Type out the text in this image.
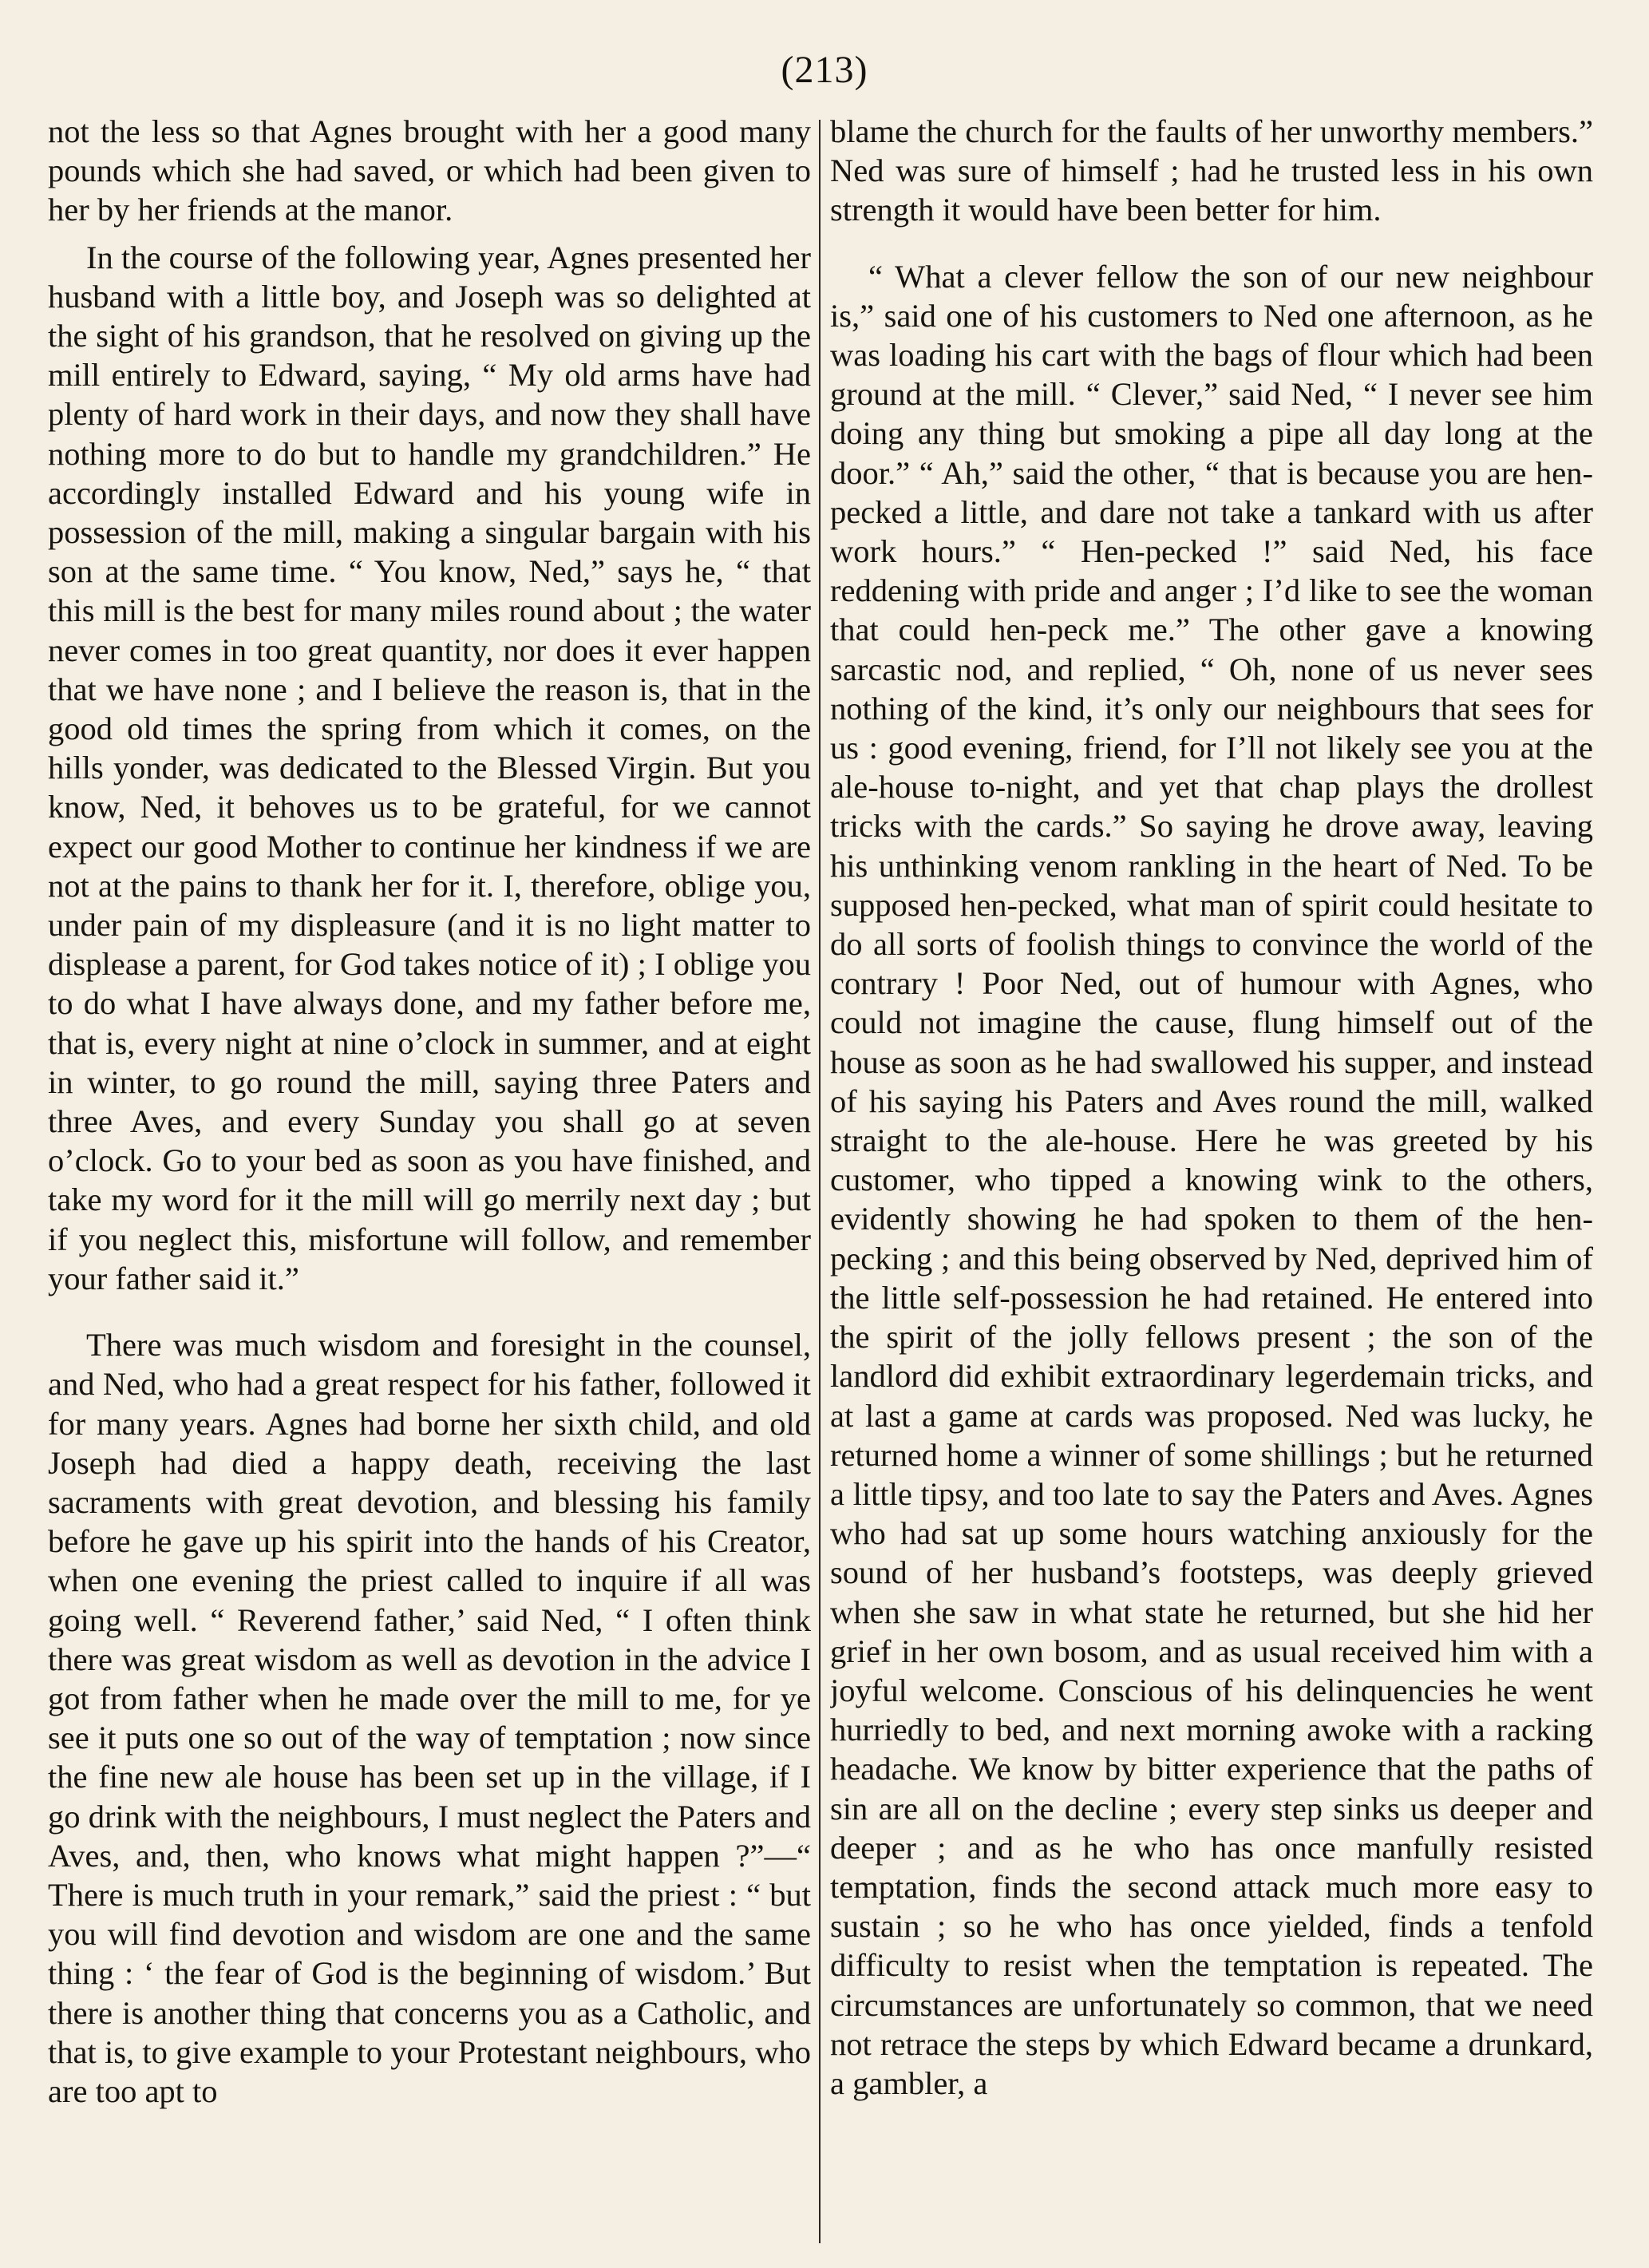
(213)

not the less so that Agnes brought with her a good many pounds which she had saved, or which had been given to her by her friends at the manor.

In the course of the following year, Agnes presented her husband with a little boy, and Joseph was so delighted at the sight of his grandson, that he resolved on giving up the mill entirely to Edward, saying, “ My old arms have had plenty of hard work in their days, and now they shall have nothing more to do but to handle my grandchildren.” He accordingly installed Edward and his young wife in possession of the mill, making a singular bargain with his son at the same time. “ You know, Ned,” says he, “ that this mill is the best for many miles round about ; the water never comes in too great quantity, nor does it ever happen that we have none ; and I believe the reason is, that in the good old times the spring from which it comes, on the hills yonder, was dedicated to the Blessed Virgin. But you know, Ned, it behoves us to be grateful, for we cannot expect our good Mother to continue her kindness if we are not at the pains to thank her for it. I, therefore, oblige you, under pain of my displeasure (and it is no light matter to displease a parent, for God takes notice of it) ; I oblige you to do what I have always done, and my father before me, that is, every night at nine o’clock in summer, and at eight in winter, to go round the mill, saying three Paters and three Aves, and every Sunday you shall go at seven o’clock. Go to your bed as soon as you have finished, and take my word for it the mill will go merrily next day ; but if you neglect this, misfortune will follow, and remember your father said it.”

There was much wisdom and foresight in the counsel, and Ned, who had a great respect for his father, followed it for many years. Agnes had borne her sixth child, and old Joseph had died a happy death, receiving the last sacraments with great devotion, and blessing his family before he gave up his spirit into the hands of his Creator, when one evening the priest called to inquire if all was going well. “ Reverend father,’ said Ned, “ I often think there was great wisdom as well as devotion in the advice I got from father when he made over the mill to me, for ye see it puts one so out of the way of temptation ; now since the fine new ale house has been set up in the village, if I go drink with the neighbours, I must neglect the Paters and Aves, and, then, who knows what might happen ?”—“ There is much truth in your remark,” said the priest : “ but you will find devotion and wisdom are one and the same thing : ‘ the fear of God is the beginning of wisdom.’ But there is another thing that concerns you as a Catholic, and that is, to give example to your Protestant neighbours, who are too apt to

blame the church for the faults of her unworthy members.” Ned was sure of himself ; had he trusted less in his own strength it would have been better for him.

“ What a clever fellow the son of our new neighbour is,” said one of his customers to Ned one afternoon, as he was loading his cart with the bags of flour which had been ground at the mill. “ Clever,” said Ned, “ I never see him doing any thing but smoking a pipe all day long at the door.” “ Ah,” said the other, “ that is because you are hen-pecked a little, and dare not take a tankard with us after work hours.” “ Hen-pecked !” said Ned, his face reddening with pride and anger ; I’d like to see the woman that could hen-peck me.” The other gave a knowing sarcastic nod, and replied, “ Oh, none of us never sees nothing of the kind, it’s only our neighbours that sees for us : good evening, friend, for I’ll not likely see you at the ale-house to-night, and yet that chap plays the drollest tricks with the cards.” So saying he drove away, leaving his unthinking venom rankling in the heart of Ned. To be supposed hen-pecked, what man of spirit could hesitate to do all sorts of foolish things to convince the world of the contrary ! Poor Ned, out of humour with Agnes, who could not imagine the cause, flung himself out of the house as soon as he had swallowed his supper, and instead of his saying his Paters and Aves round the mill, walked straight to the ale-house. Here he was greeted by his customer, who tipped a knowing wink to the others, evidently showing he had spoken to them of the hen-pecking ; and this being observed by Ned, deprived him of the little self-possession he had retained. He entered into the spirit of the jolly fellows present ; the son of the landlord did exhibit extraordinary legerdemain tricks, and at last a game at cards was proposed. Ned was lucky, he returned home a winner of some shillings ; but he returned a little tipsy, and too late to say the Paters and Aves. Agnes who had sat up some hours watching anxiously for the sound of her husband’s footsteps, was deeply grieved when she saw in what state he returned, but she hid her grief in her own bosom, and as usual received him with a joyful welcome. Conscious of his delinquencies he went hurriedly to bed, and next morning awoke with a racking headache. We know by bitter experience that the paths of sin are all on the decline ; every step sinks us deeper and deeper ; and as he who has once manfully resisted temptation, finds the second attack much more easy to sustain ; so he who has once yielded, finds a tenfold difficulty to resist when the temptation is repeated. The circumstances are unfortunately so common, that we need not retrace the steps by which Edward became a drunkard, a gambler, a
